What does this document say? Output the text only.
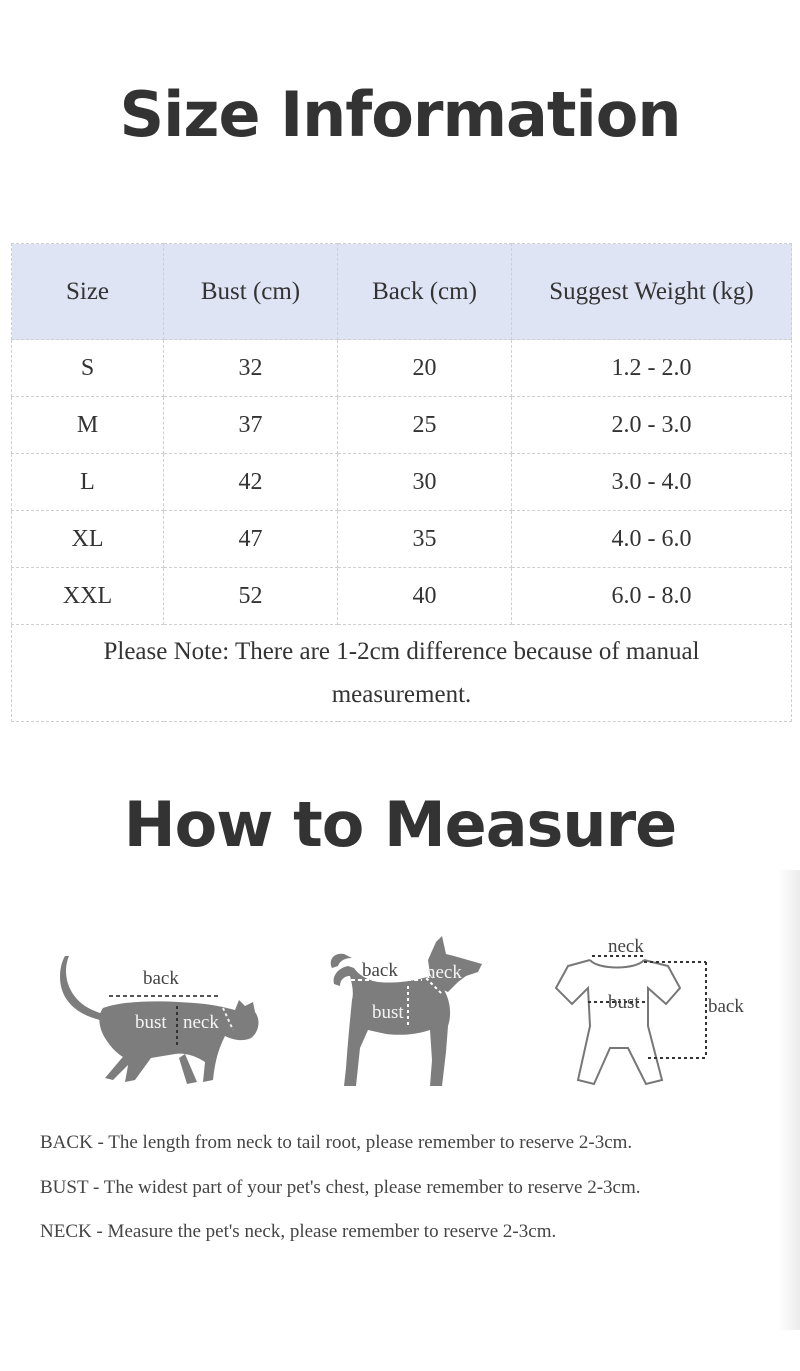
Size Information
Size	Bust (cm)	Back (cm)	Suggest Weight (kg)
S	32	20	1.2 - 2.0
M	37	25	2.0 - 3.0
L	42	30	3.0 - 4.0
XL	47	35	4.0 - 6.0
XXL	52	40	6.0 - 8.0
Please Note: There are 1-2cm difference because of manual measurement.			
How to Measure
back
bust neck
back neck
bust
neck
bust	back
BACK - The length from neck to tail root, please remember to reserve 2-3cm.
BUST - The widest part of your pet's chest, please remember to reserve 2-3cm.
NECK - Measure the pet's neck, please remember to reserve 2-3cm.
